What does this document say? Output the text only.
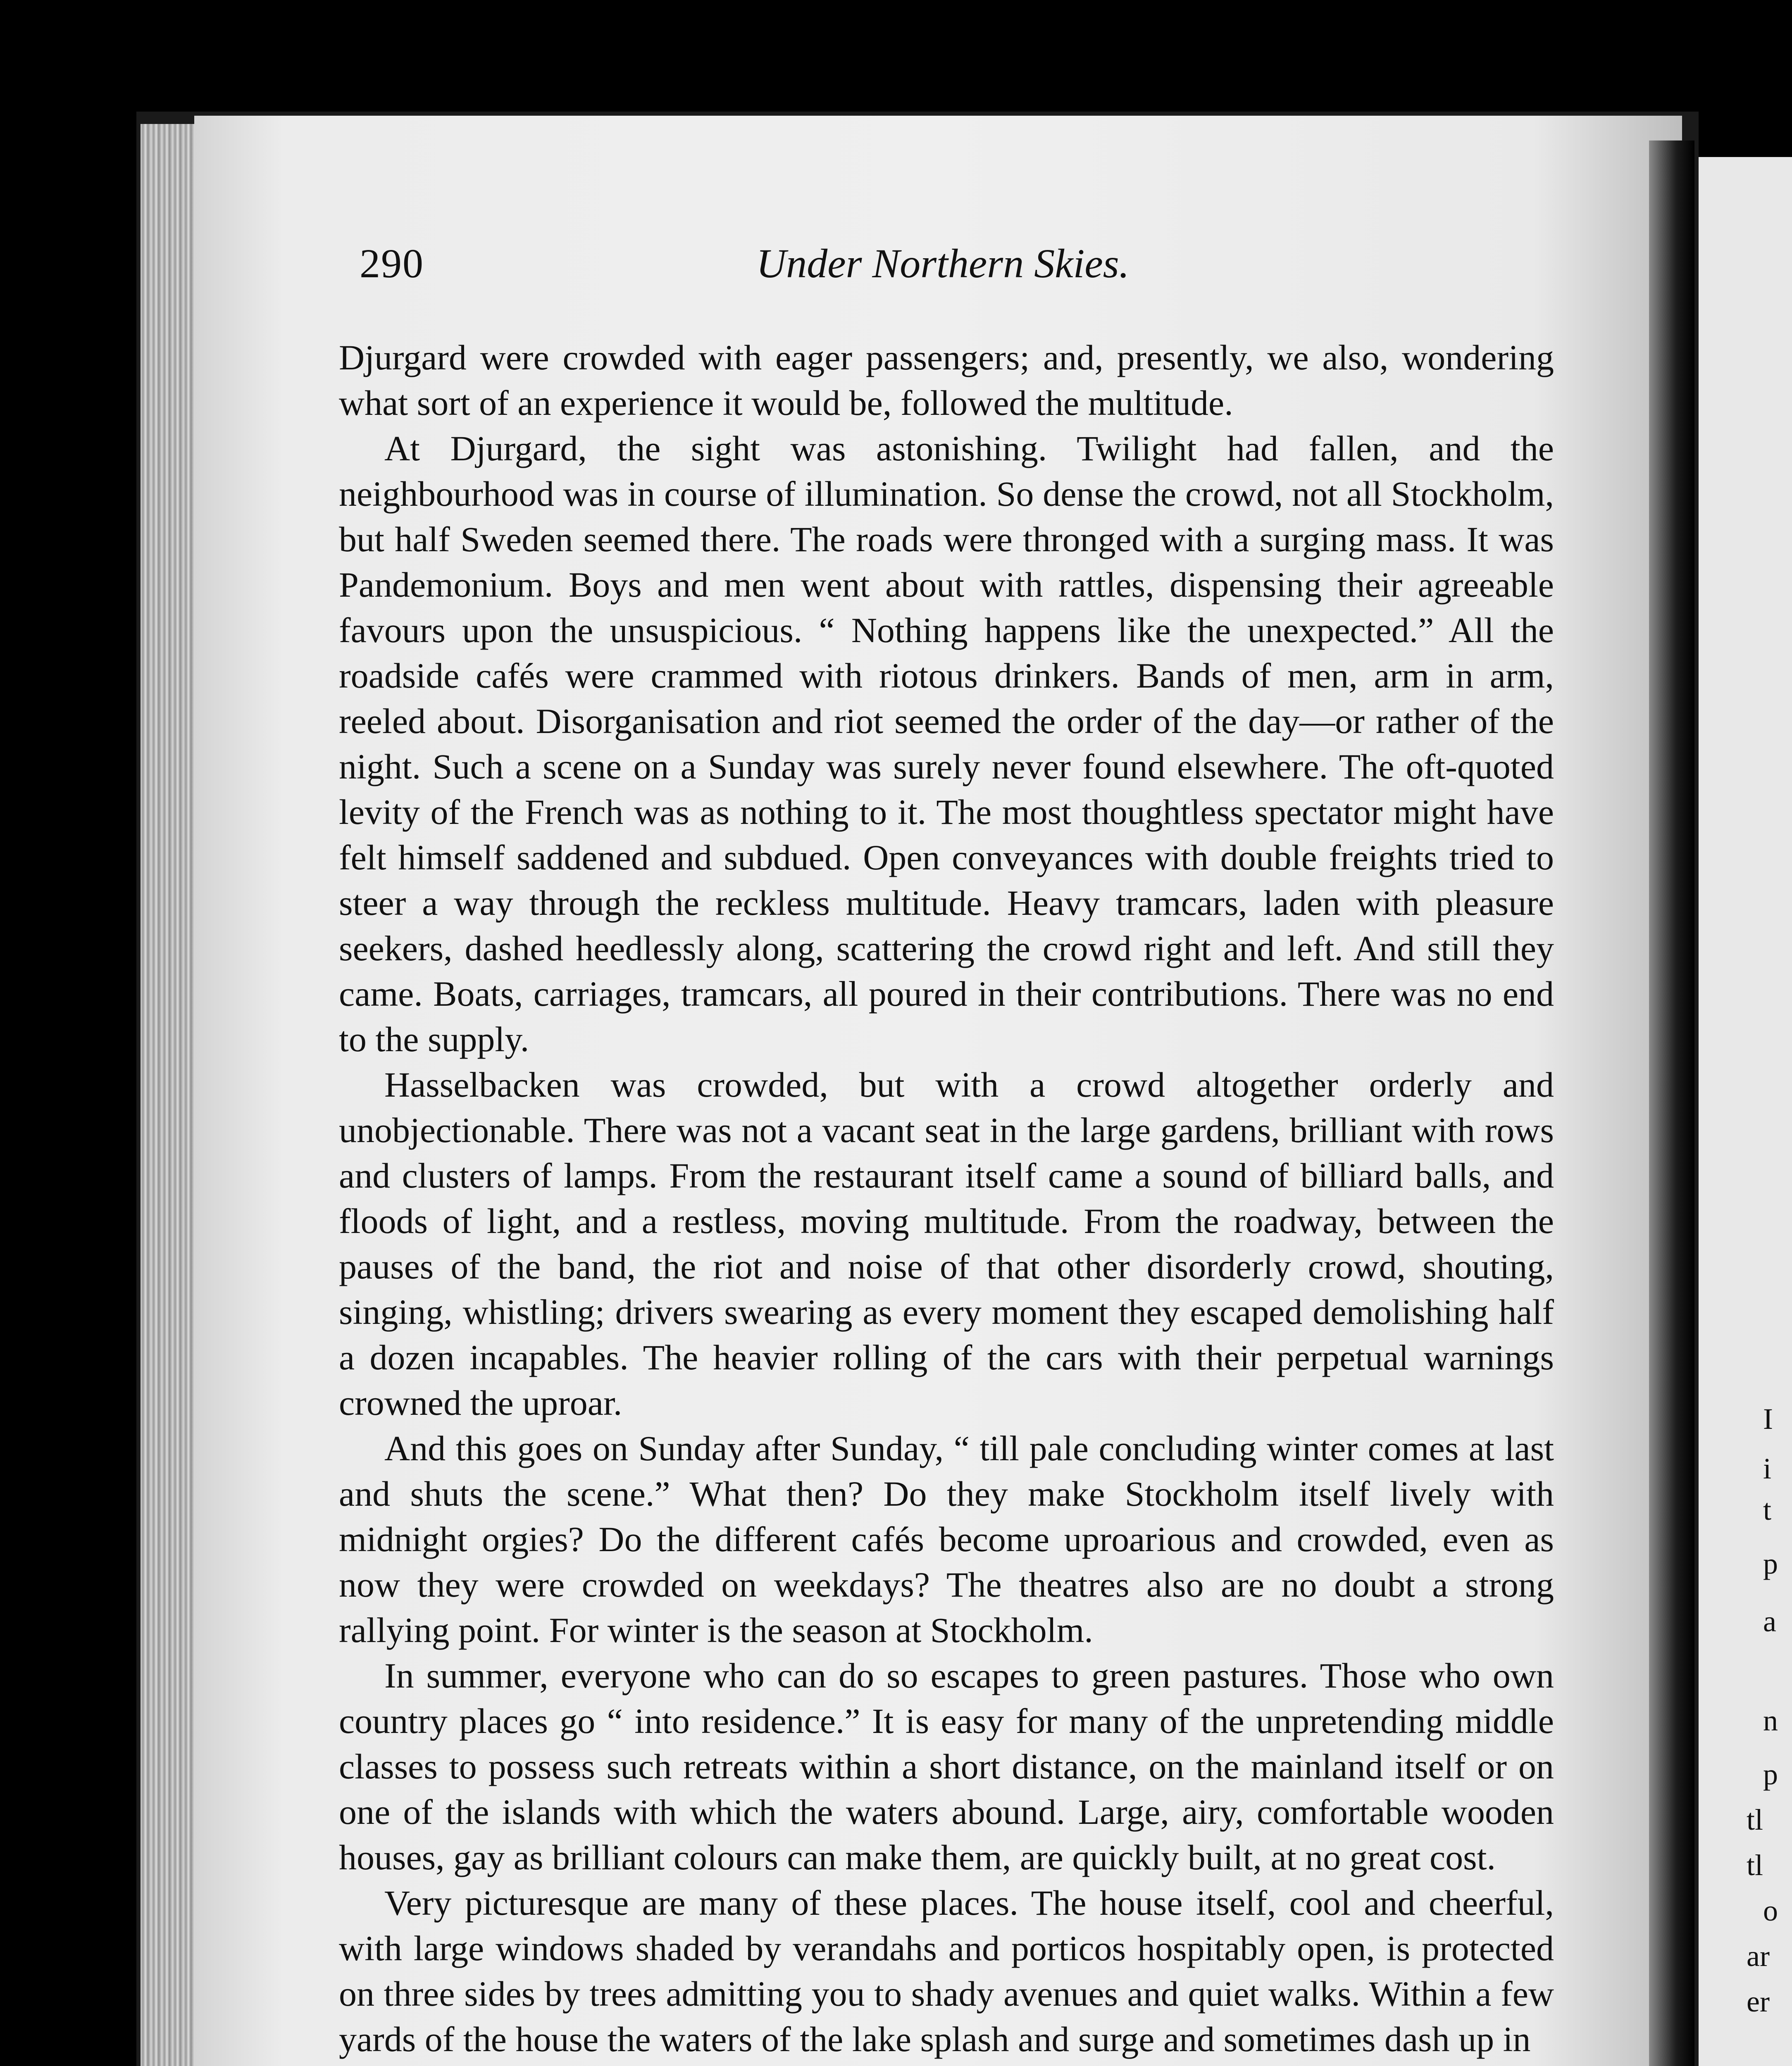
I
i
t
p
a
n
p
tl
tl
o
ar
er
290	Under Northern Skies.

Djurgard were crowded with eager passengers; and, presently, we also, wondering what sort of an experience it would be, followed the multitude.

At Djurgard, the sight was astonishing. Twilight had fallen, and the neighbourhood was in course of illumination. So dense the crowd, not all Stockholm, but half Sweden seemed there. The roads were thronged with a surging mass. It was Pandemonium. Boys and men went about with rattles, dispensing their agreeable favours upon the unsuspicious. “ Nothing happens like the unexpected.” All the roadside cafés were crammed with riotous drinkers. Bands of men, arm in arm, reeled about. Disorganisation and riot seemed the order of the day—or rather of the night. Such a scene on a Sunday was surely never found elsewhere. The oft-quoted levity of the French was as nothing to it. The most thoughtless spectator might have felt himself saddened and subdued. Open conveyances with double freights tried to steer a way through the reckless multitude. Heavy tramcars, laden with pleasure seekers, dashed heedlessly along, scattering the crowd right and left. And still they came. Boats, carriages, tramcars, all poured in their contributions. There was no end to the supply.

Hasselbacken was crowded, but with a crowd altogether orderly and unobjectionable. There was not a vacant seat in the large gardens, brilliant with rows and clusters of lamps. From the restaurant itself came a sound of billiard balls, and floods of light, and a restless, moving multitude. From the roadway, between the pauses of the band, the riot and noise of that other disorderly crowd, shouting, singing, whistling; drivers swearing as every moment they escaped demolishing half a dozen incapables. The heavier rolling of the cars with their perpetual warnings crowned the uproar.

And this goes on Sunday after Sunday, “ till pale concluding winter comes at last and shuts the scene.” What then? Do they make Stockholm itself lively with midnight orgies? Do the different cafés become uproarious and crowded, even as now they were crowded on weekdays? The theatres also are no doubt a strong rallying point. For winter is the season at Stockholm.

In summer, everyone who can do so escapes to green pastures. Those who own country places go “ into residence.” It is easy for many of the unpretending middle classes to possess such retreats within a short distance, on the mainland itself or on one of the islands with which the waters abound. Large, airy, comfortable wooden houses, gay as brilliant colours can make them, are quickly built, at no great cost.

Very picturesque are many of these places. The house itself, cool and cheerful, with large windows shaded by verandahs and porticos hospitably open, is protected on three sides by trees admitting you to shady avenues and quiet walks. Within a few yards of the house the waters of the lake splash and surge and sometimes dash up in
